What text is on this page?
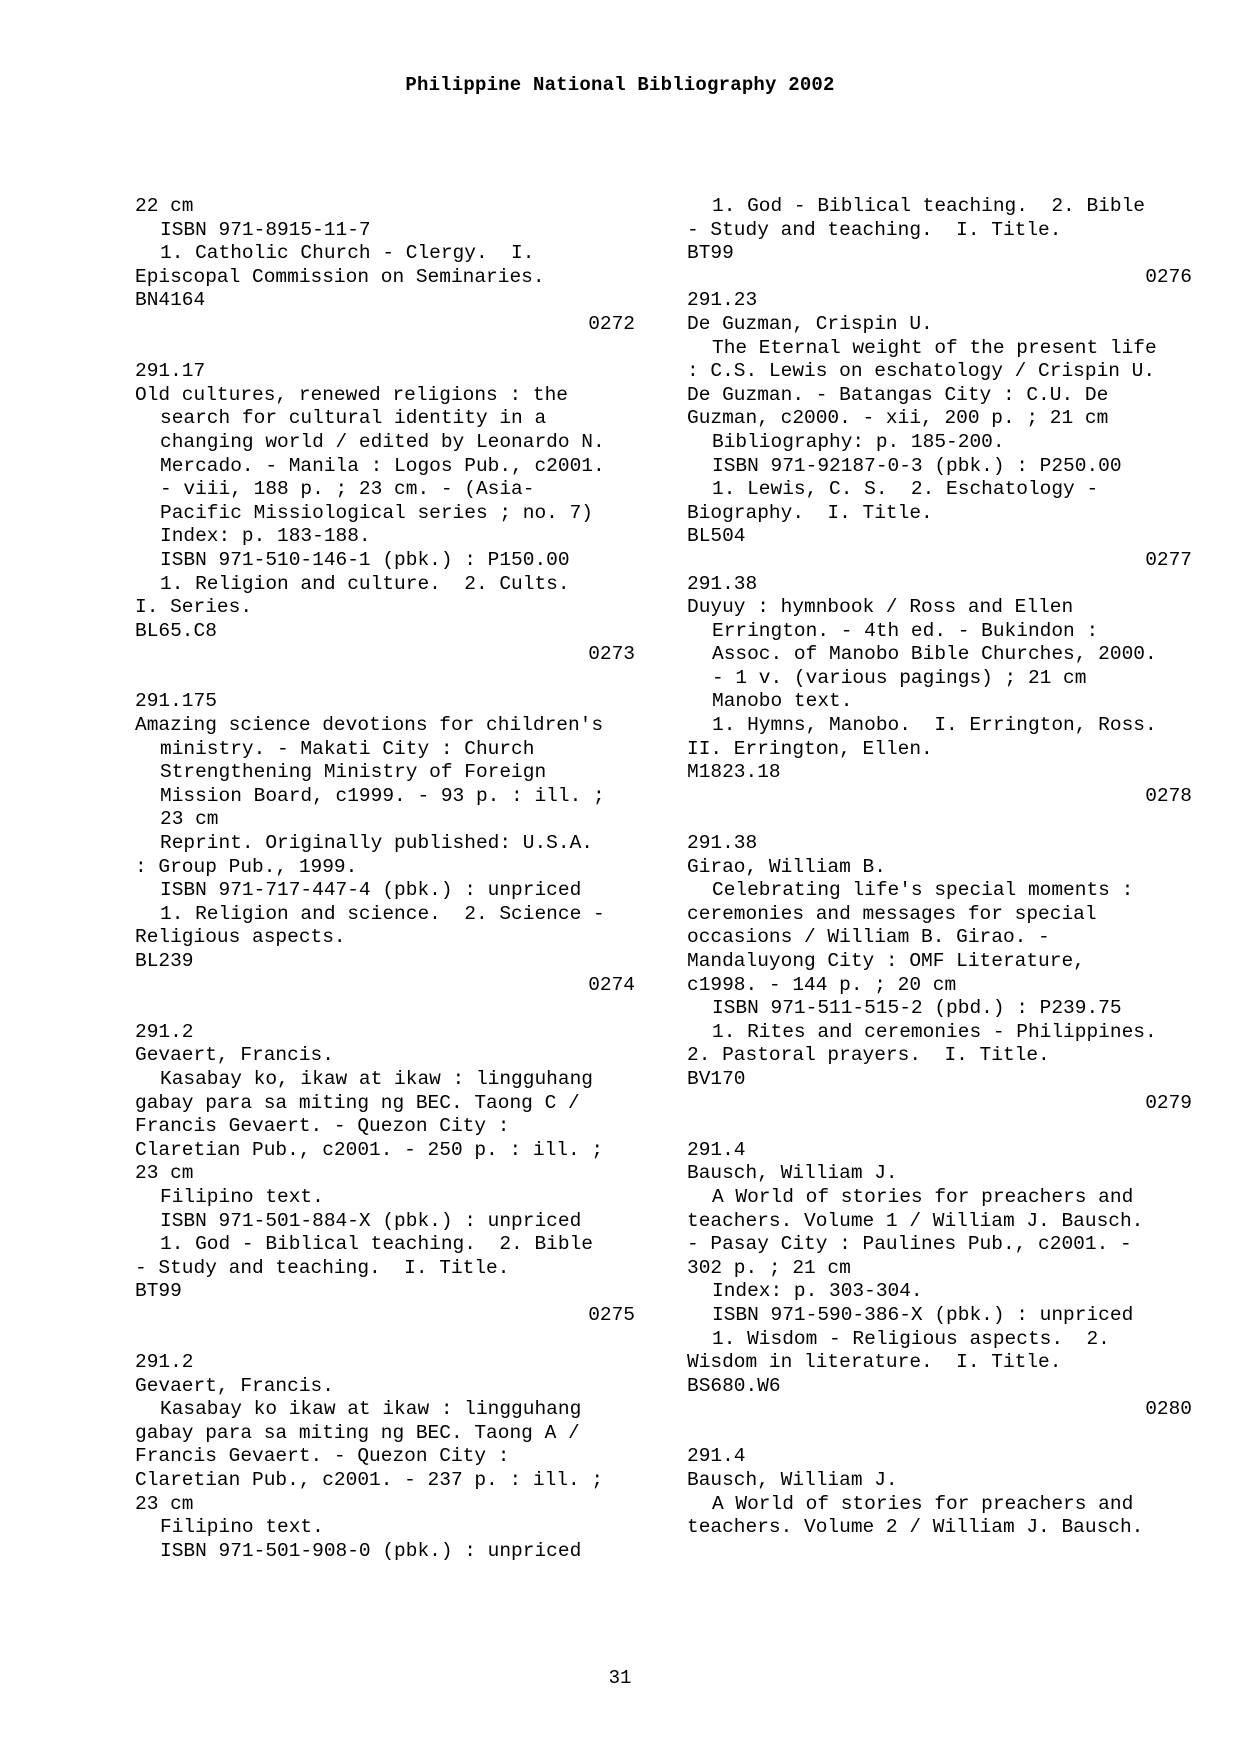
Philippine National Bibliography 2002
22 cm
ISBN 971-8915-11-7
1. Catholic Church - Clergy.  I.
Episcopal Commission on Seminaries.
BN4164
0272
291.17
Old cultures, renewed religions : the
search for cultural identity in a
changing world / edited by Leonardo N.
Mercado. - Manila : Logos Pub., c2001.
- viii, 188 p. ; 23 cm. - (Asia-
Pacific Missiological series ; no. 7)
Index: p. 183-188.
ISBN 971-510-146-1 (pbk.) : P150.00
1. Religion and culture.  2. Cults.
I. Series.
BL65.C8
0273
291.175
Amazing science devotions for children's
ministry. - Makati City : Church
Strengthening Ministry of Foreign
Mission Board, c1999. - 93 p. : ill. ;
23 cm
Reprint. Originally published: U.S.A.
: Group Pub., 1999.
ISBN 971-717-447-4 (pbk.) : unpriced
1. Religion and science.  2. Science -
Religious aspects.
BL239
0274
291.2
Gevaert, Francis.
Kasabay ko, ikaw at ikaw : lingguhang
gabay para sa miting ng BEC. Taong C /
Francis Gevaert. - Quezon City :
Claretian Pub., c2001. - 250 p. : ill. ;
23 cm
Filipino text.
ISBN 971-501-884-X (pbk.) : unpriced
1. God - Biblical teaching.  2. Bible
- Study and teaching.  I. Title.
BT99
0275
291.2
Gevaert, Francis.
Kasabay ko ikaw at ikaw : lingguhang
gabay para sa miting ng BEC. Taong A /
Francis Gevaert. - Quezon City :
Claretian Pub., c2001. - 237 p. : ill. ;
23 cm
Filipino text.
ISBN 971-501-908-0 (pbk.) : unpriced
1. God - Biblical teaching.  2. Bible
- Study and teaching.  I. Title.
BT99
0276
291.23
De Guzman, Crispin U.
The Eternal weight of the present life
: C.S. Lewis on eschatology / Crispin U.
De Guzman. - Batangas City : C.U. De
Guzman, c2000. - xii, 200 p. ; 21 cm
Bibliography: p. 185-200.
ISBN 971-92187-0-3 (pbk.) : P250.00
1. Lewis, C. S.  2. Eschatology -
Biography.  I. Title.
BL504
0277
291.38
Duyuy : hymnbook / Ross and Ellen
Errington. - 4th ed. - Bukindon :
Assoc. of Manobo Bible Churches, 2000.
- 1 v. (various pagings) ; 21 cm
Manobo text.
1. Hymns, Manobo.  I. Errington, Ross.
II. Errington, Ellen.
M1823.18
0278
291.38
Girao, William B.
Celebrating life's special moments :
ceremonies and messages for special
occasions / William B. Girao. -
Mandaluyong City : OMF Literature,
c1998. - 144 p. ; 20 cm
ISBN 971-511-515-2 (pbd.) : P239.75
1. Rites and ceremonies - Philippines.
2. Pastoral prayers.  I. Title.
BV170
0279
291.4
Bausch, William J.
A World of stories for preachers and
teachers. Volume 1 / William J. Bausch.
- Pasay City : Paulines Pub., c2001. -
302 p. ; 21 cm
Index: p. 303-304.
ISBN 971-590-386-X (pbk.) : unpriced
1. Wisdom - Religious aspects.  2.
Wisdom in literature.  I. Title.
BS680.W6
0280
291.4
Bausch, William J.
A World of stories for preachers and
teachers. Volume 2 / William J. Bausch.
31
